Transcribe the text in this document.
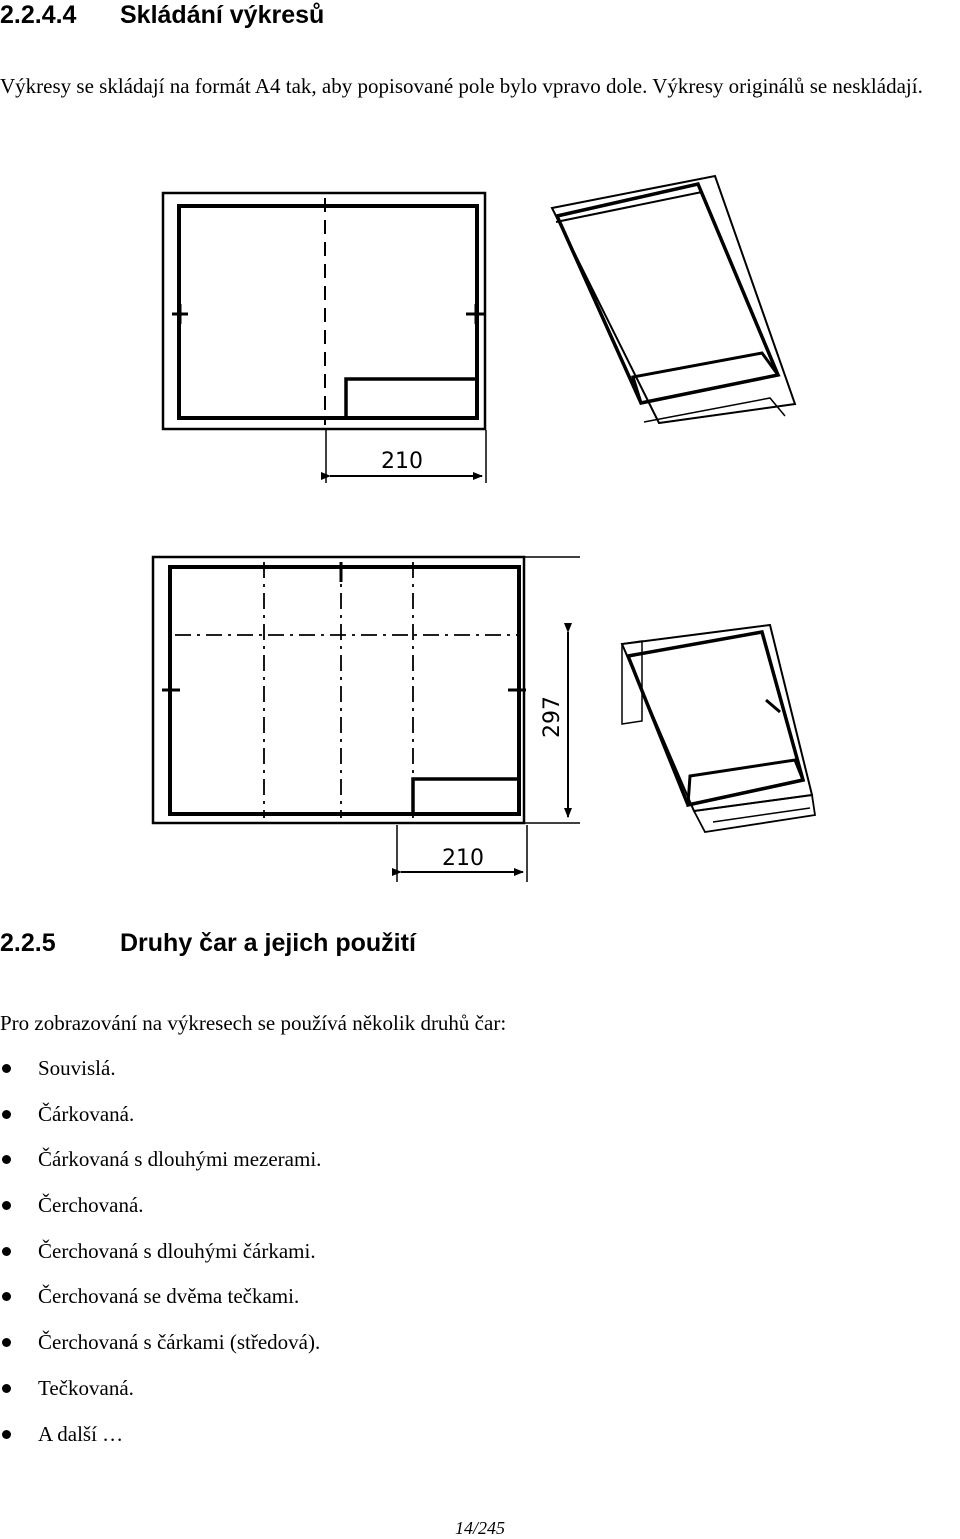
2.2.4.4 Skládání výkresů

Výkresy se skládají na formát A4 tak, aby popisované pole bylo vpravo dole. Výkresy originálů se neskládají.

210
210
297
2.2.5	Druhy čar a jejich použití

Pro zobrazování na výkresech se používá několik druhů čar:

Souvislá.
Čárkovaná.
Čárkovaná s dlouhými mezerami.
Čerchovaná.
Čerchovaná s dlouhými čárkami.
Čerchovaná se dvěma tečkami.
Čerchovaná s čárkami (středová).
Tečkovaná.
A další …
14/245
